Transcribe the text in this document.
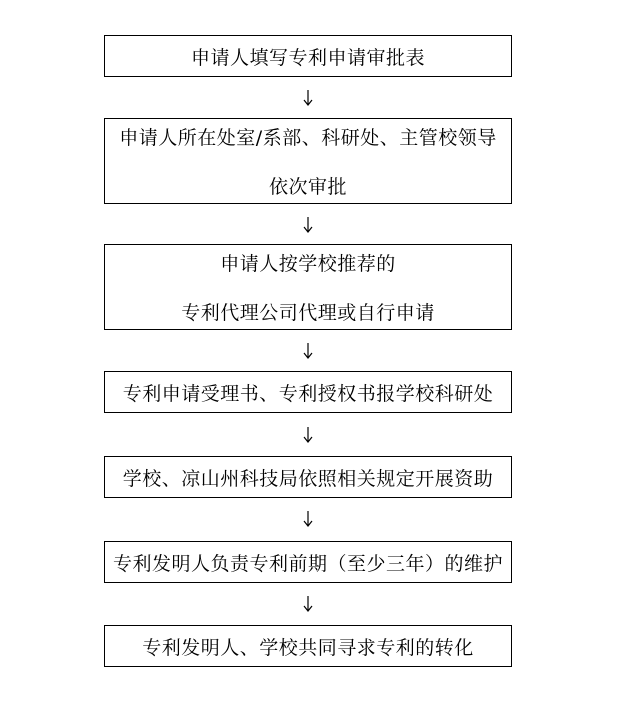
申请人填写专利申请审批表
申请人所在处室/系部、科研处、主管校领导
依次审批
申请人按学校推荐的
专利代理公司代理或自行申请
专利申请受理书、专利授权书报学校科研处
学校、凉山州科技局依照相关规定开展资助
专利发明人负责专利前期（至少三年）的维护
专利发明人、学校共同寻求专利的转化
